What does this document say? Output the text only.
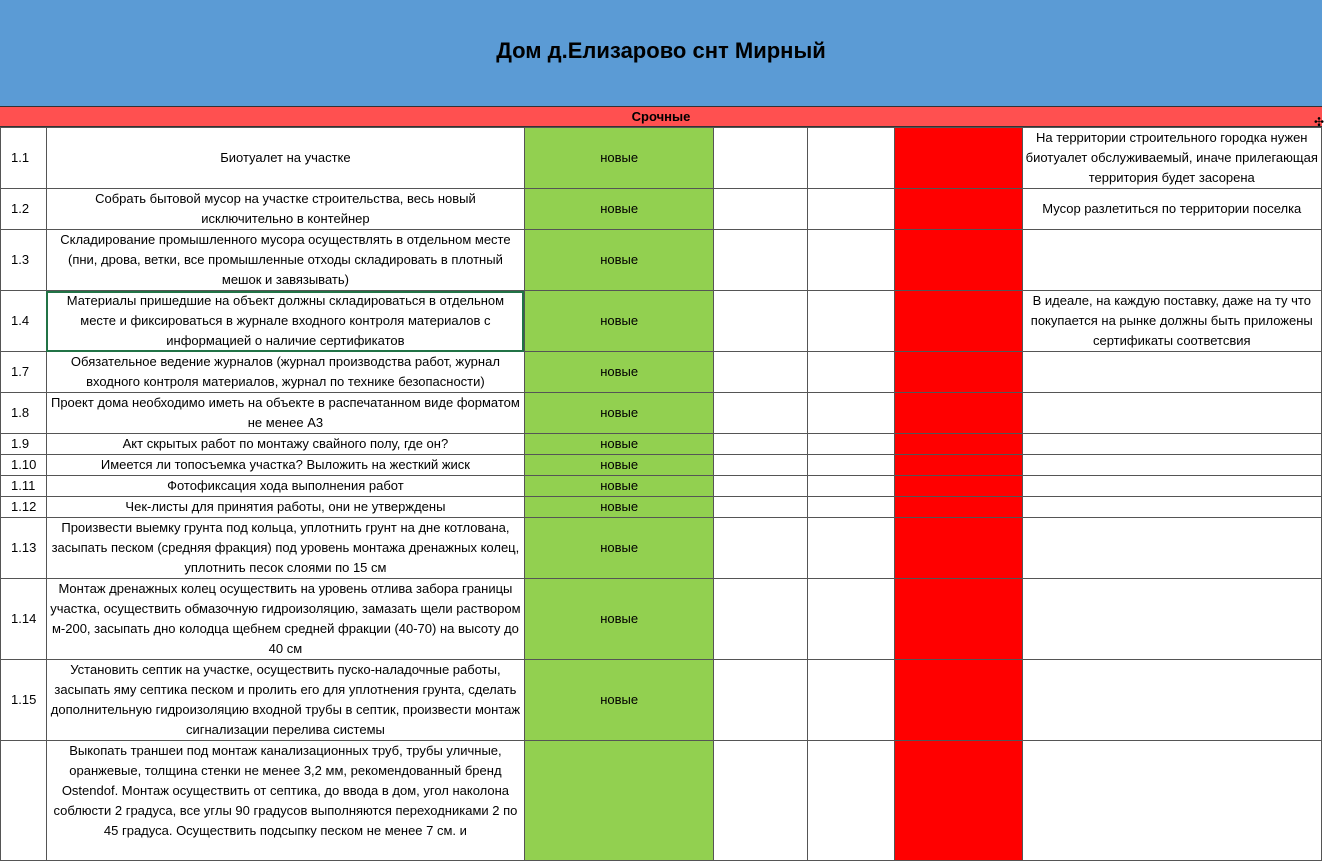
Дом д.Елизарово снт Мирный
Срочные	✣
1.1	Биотуалет на участке	новые				На территории строительного городка нужен биотуалет обслуживаемый, иначе прилегающая территория будет засорена
1.2	Собрать бытовой мусор на участке строительства, весь новый исключительно в контейнер	новые				Мусор разлетиться по территории поселка
1.3	Складирование промышленного мусора осуществлять в отдельном месте (пни, дрова, ветки, все промышленные отходы складировать в плотный мешок и завязывать)	новые				
1.4	Материалы пришедшие на объект должны складироваться в отдельном месте и фиксироваться в журнале входного контроля материалов с информацией о наличие сертификатов	новые				В идеале, на каждую поставку, даже на ту что покупается на рынке должны быть приложены сертификаты соответсвия
1.7	Обязательное ведение журналов (журнал производства работ, журнал входного контроля материалов, журнал по технике безопасности)	новые				
1.8	Проект дома необходимо иметь на объекте в распечатанном виде форматом не менее А3	новые				
1.9	Акт скрытых работ по монтажу свайного полу, где он?	новые				
1.10	Имеется ли топосъемка участка? Выложить на жесткий жиск	новые				
1.11	Фотофиксация хода выполнения работ	новые				
1.12	Чек-листы для принятия работы, они не утверждены	новые				
1.13	Произвести выемку грунта под кольца, уплотнить грунт на дне котлована, засыпать песком (средняя фракция) под уровень монтажа дренажных колец, уплотнить песок слоями по 15 см	новые				
1.14	Монтаж дренажных колец осуществить на уровень отлива забора границы участка, осуществить обмазочную гидроизоляцию, замазать щели раствором м-200, засыпать дно колодца щебнем средней фракции (40-70) на высоту до 40 см	новые				
1.15	Установить септик на участке, осуществить пуско-наладочные работы, засыпать яму септика песком и пролить его для уплотнения грунта, сделать дополнительную гидроизоляцию входной трубы в септик, произвести монтаж сигнализации перелива системы	новые				
	Выкопать траншеи под монтаж канализационных труб, трубы уличные, оранжевые, толщина стенки не менее 3,2 мм, рекомендованный бренд Ostendof. Монтаж осуществить от септика, до ввода в дом, угол наколона соблюсти 2 градуса, все углы 90 градусов выполняются переходниками 2 по 45 градуса. Осуществить подсыпку песком не менее 7 см. и					
